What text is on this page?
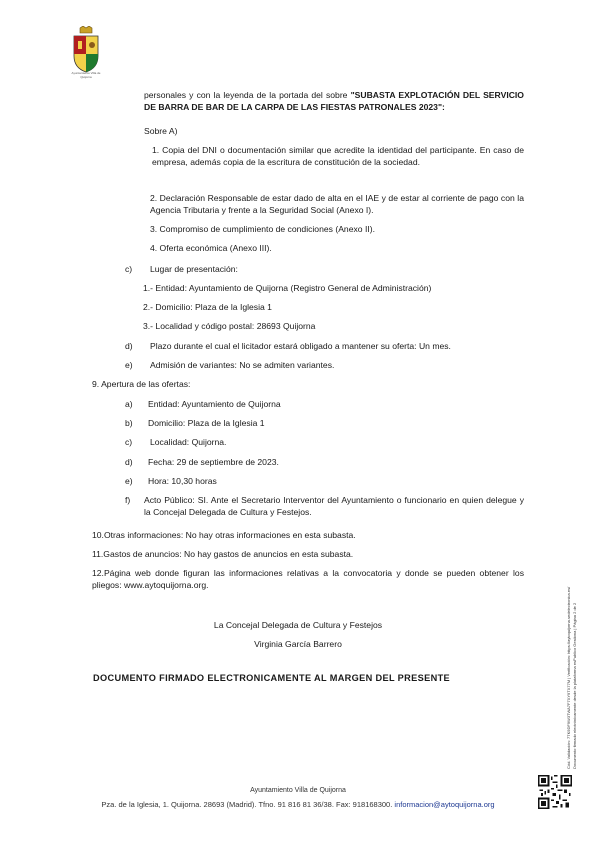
Ayuntamiento Villa de Quijorna
personales y con la leyenda de la portada del sobre "SUBASTA EXPLOTACIÓN DEL SERVICIO DE BARRA DE BAR DE LA CARPA DE LAS FIESTAS PATRONALES 2023":
Sobre A)
1. Copia del DNI o documentación similar que acredite la identidad del participante. En caso de empresa, además copia de la escritura de constitución de la sociedad.
2. Declaración Responsable de estar dado de alta en el IAE y de estar al corriente de pago con la Agencia Tributaria y frente a la Seguridad Social (Anexo I).
3. Compromiso de cumplimiento de condiciones (Anexo II).
4. Oferta económica (Anexo III).
c) Lugar de presentación:
1.- Entidad: Ayuntamiento de Quijorna (Registro General de Administración)
2.- Domicilio: Plaza de la Iglesia 1
3.- Localidad y código postal: 28693 Quijorna
d) Plazo durante el cual el licitador estará obligado a mantener su oferta: Un mes.
e) Admisión de variantes: No se admiten variantes.
9. Apertura de las ofertas:
a) Entidad: Ayuntamiento de Quijorna
b) Domicilio: Plaza de la Iglesia 1
c) Localidad: Quijorna.
d) Fecha: 29 de septiembre de 2023.
e) Hora: 10,30 horas
f) Acto Público: SI. Ante el Secretario Interventor del Ayuntamiento o funcionario en quien delegue y la Concejal Delegada de Cultura y Festejos.
10.Otras informaciones: No hay otras informaciones en esta subasta.
11.Gastos de anuncios: No hay gastos de anuncios en esta subasta.
12.Página web donde figuran las informaciones relativas a la convocatoria y donde se pueden obtener los pliegos: www.aytoquijorna.org.
La Concejal Delegada de Cultura y Festejos
Virginia García Barrero
DOCUMENTO FIRMADO ELECTRONICAMENTE AL MARGEN DEL PRESENTE	Cód. Validación: 7TK9DF9W3TWA7F7XY9TX77M | Verificación: https://aytoquijorna.sedelectronica.es/ Documento firmado electrónicamente desde la plataforma esPublico Gestiona | Página 2 de 2
Ayuntamiento Villa de Quijorna
Pza. de la Iglesia, 1. Quijorna. 28693 (Madrid). Tfno. 91 816 81 36/38. Fax: 918168300. informacion@aytoquijorna.org
